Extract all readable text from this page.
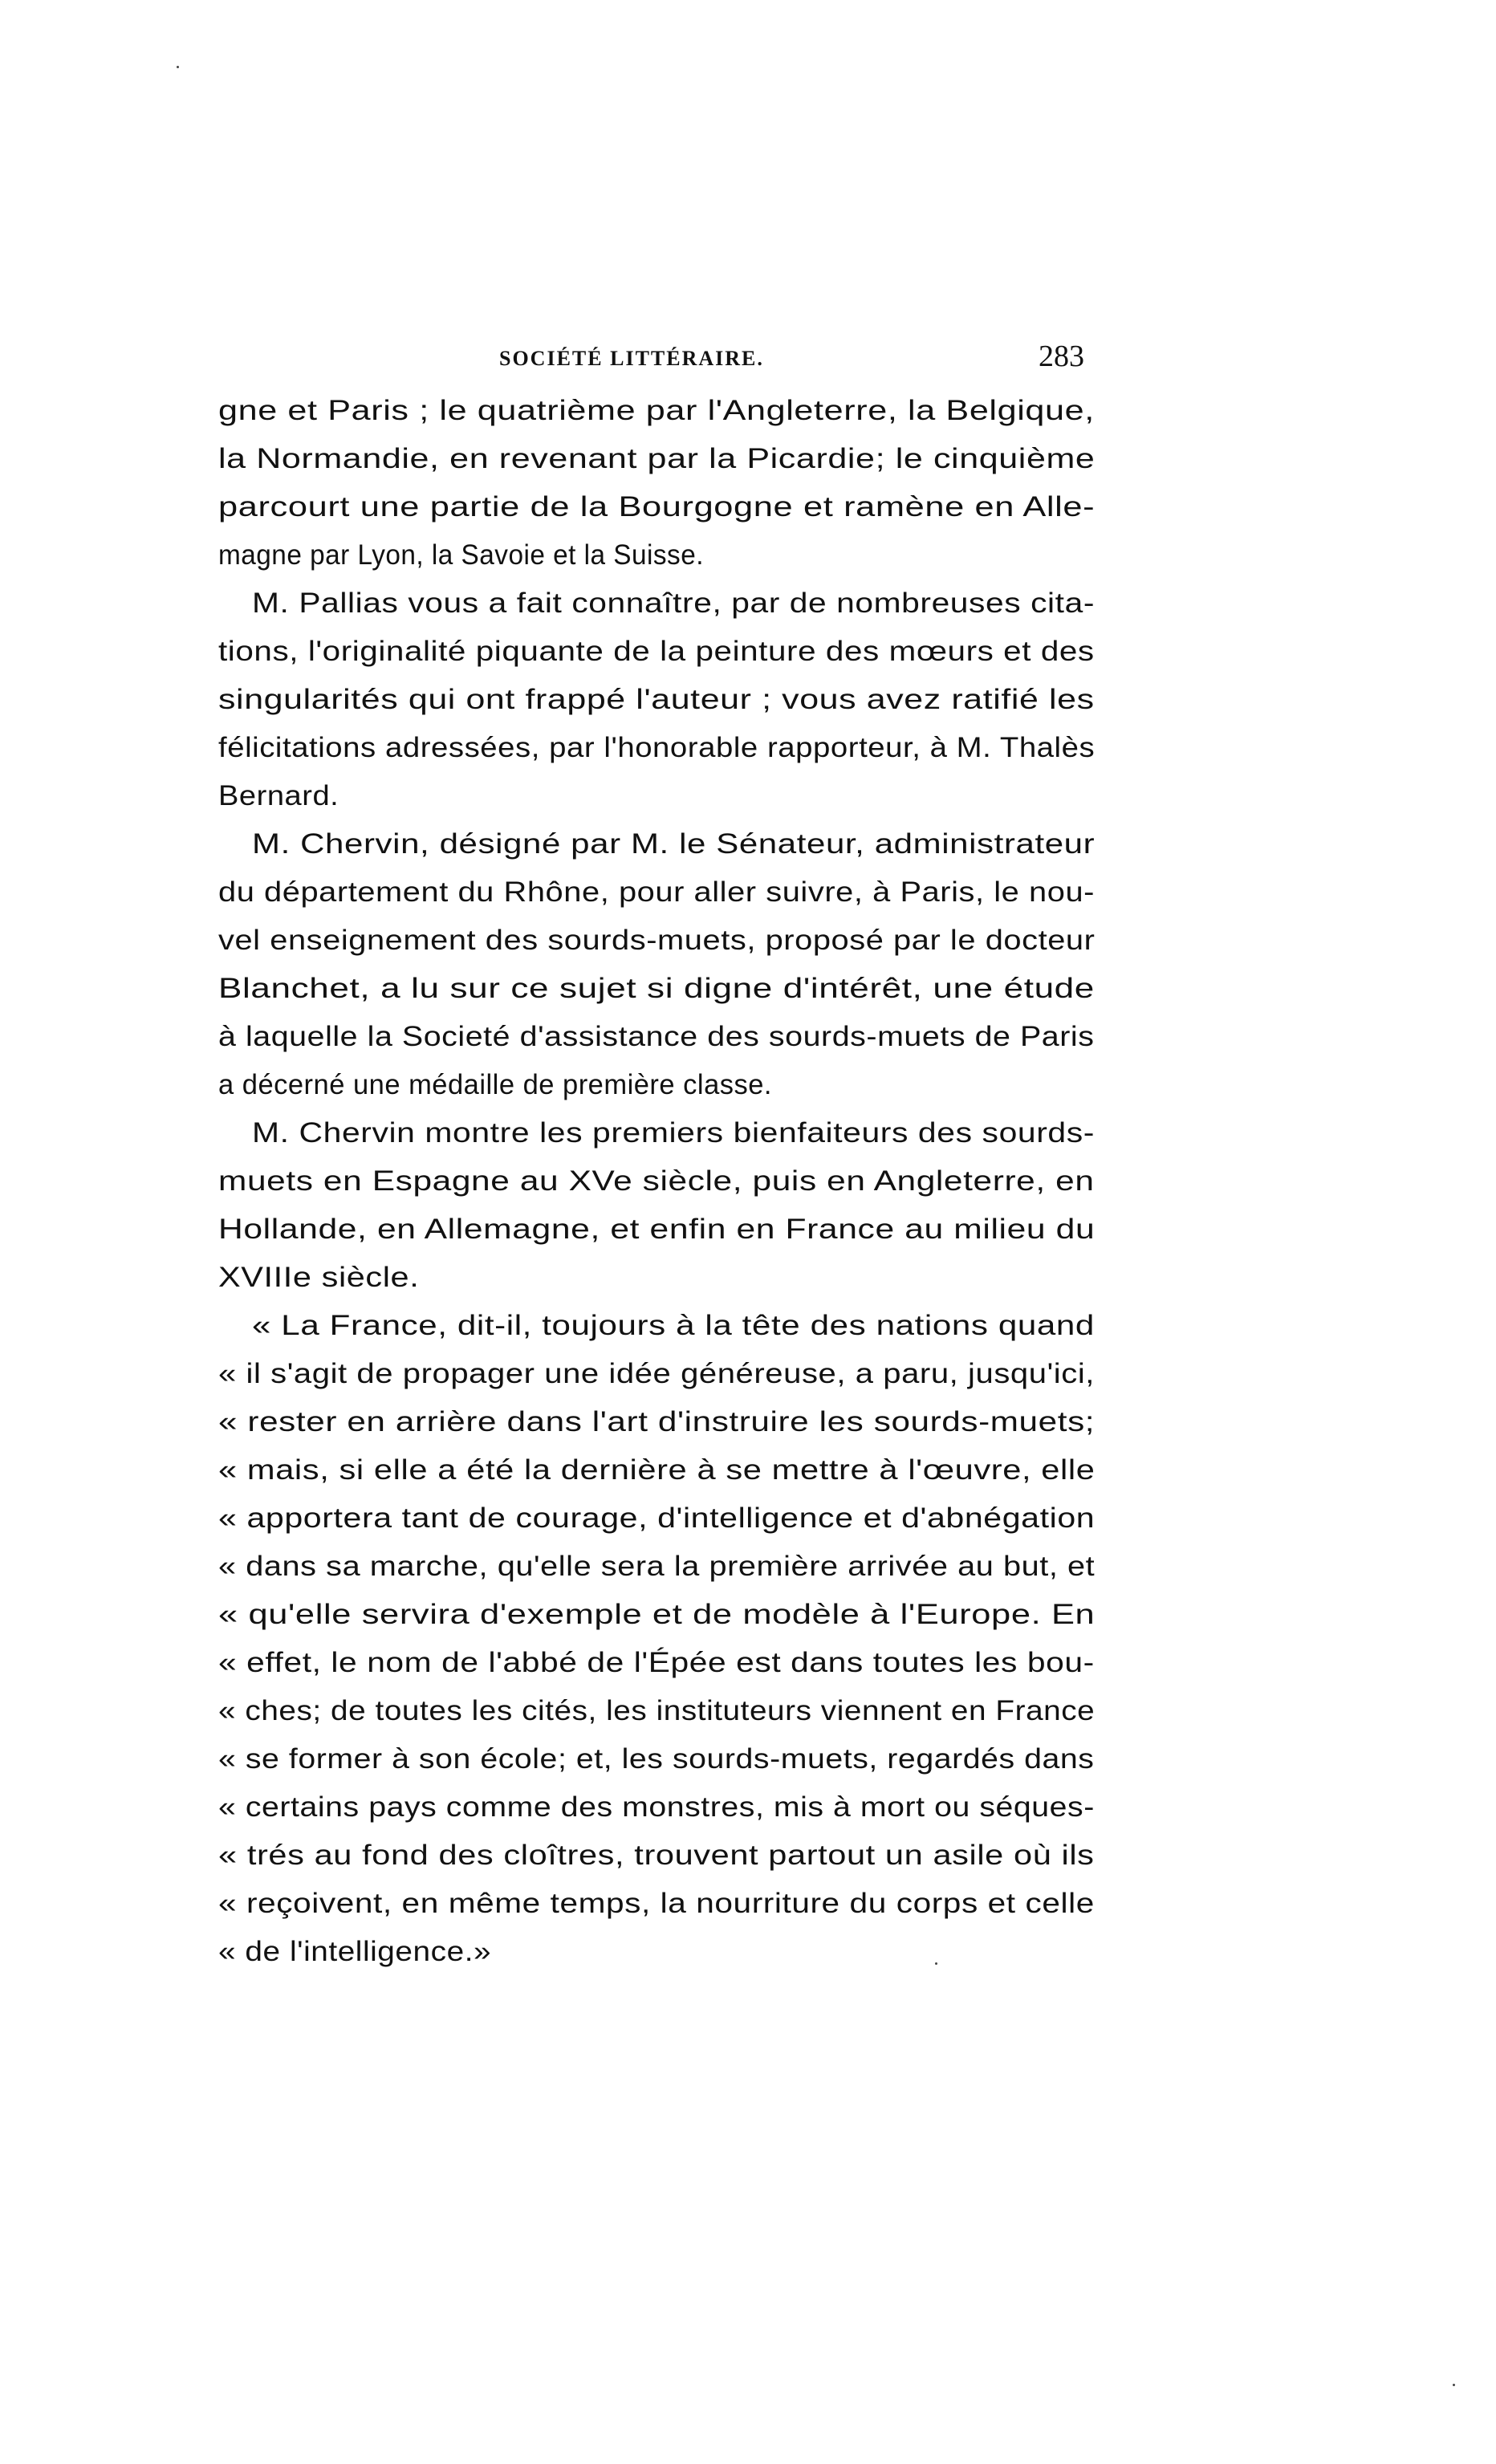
SOCIÉTÉ LITTÉRAIRE.	283
gne et Paris ; le quatrième par l'Angleterre, la Belgique,
la Normandie, en revenant par la Picardie; le cinquième
parcourt une partie de la Bourgogne et ramène en Alle-
magne par Lyon, la Savoie et la Suisse.
M. Pallias vous a fait connaître, par de nombreuses cita-
tions, l'originalité piquante de la peinture des mœurs et des
singularités qui ont frappé l'auteur ; vous avez ratifié les
félicitations adressées, par l'honorable rapporteur, à M. Thalès
Bernard.
M. Chervin, désigné par M. le Sénateur, administrateur
du département du Rhône, pour aller suivre, à Paris, le nou-
vel enseignement des sourds-muets, proposé par le docteur
Blanchet, a lu sur ce sujet si digne d'intérêt, une étude
à laquelle la Societé d'assistance des sourds-muets de Paris
a décerné une médaille de première classe.
M. Chervin montre les premiers bienfaiteurs des sourds-
muets en Espagne au XVe siècle, puis en Angleterre, en
Hollande, en Allemagne, et enfin en France au milieu du
XVIIIe siècle.
« La France, dit-il, toujours à la tête des nations quand
« il s'agit de propager une idée généreuse, a paru, jusqu'ici,
« rester en arrière dans l'art d'instruire les sourds-muets;
« mais, si elle a été la dernière à se mettre à l'œuvre, elle
« apportera tant de courage, d'intelligence et d'abnégation
« dans sa marche, qu'elle sera la première arrivée au but, et
« qu'elle servira d'exemple et de modèle à l'Europe. En
« effet, le nom de l'abbé de l'Épée est dans toutes les bou-
« ches; de toutes les cités, les instituteurs viennent en France
« se former à son école; et, les sourds-muets, regardés dans
« certains pays comme des monstres, mis à mort ou séques-
« trés au fond des cloîtres, trouvent partout un asile où ils
« reçoivent, en même temps, la nourriture du corps et celle
« de l'intelligence.»
